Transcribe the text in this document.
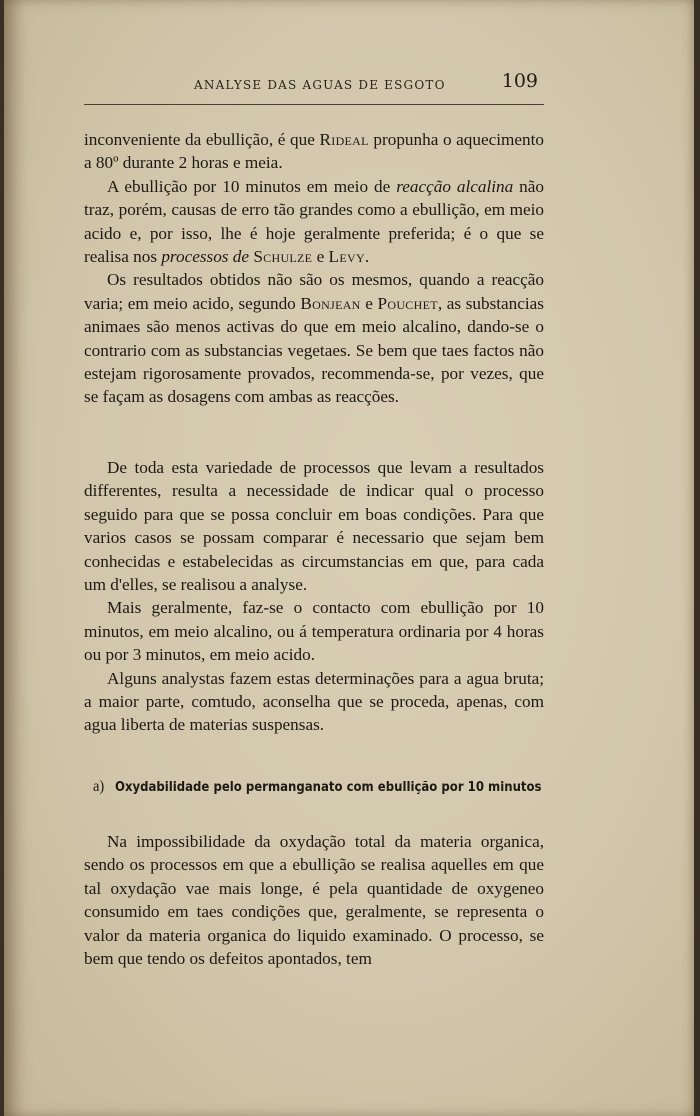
ANALYSE DAS AGUAS DE ESGOTO	109

inconveniente da ebullição, é que Rideal propunha o aquecimento a 80º durante 2 horas e meia.

A ebullição por 10 minutos em meio de reacção alcalina não traz, porém, causas de erro tão grandes como a ebullição, em meio acido e, por isso, lhe é hoje geralmente preferida; é o que se realisa nos processos de Schulze e Levy.

Os resultados obtidos não são os mesmos, quando a reacção varia; em meio acido, segundo Bonjean e Pouchet, as substancias animaes são menos activas do que em meio alcalino, dando-se o contrario com as substancias vegetaes. Se bem que taes factos não estejam rigorosamente provados, recommenda-se, por vezes, que se façam as dosagens com ambas as reacções.

De toda esta variedade de processos que levam a resultados differentes, resulta a necessidade de indicar qual o processo seguido para que se possa concluir em boas condições. Para que varios casos se possam comparar é necessario que sejam bem conhecidas e estabelecidas as circumstancias em que, para cada um d'elles, se realisou a analyse.

Mais geralmente, faz-se o contacto com ebullição por 10 minutos, em meio alcalino, ou á temperatura ordinaria por 4 horas ou por 3 minutos, em meio acido.

Alguns analystas fazem estas determinações para a agua bruta; a maior parte, comtudo, aconselha que se proceda, apenas, com agua liberta de materias suspensas.

a) Oxydabilidade pelo permanganato com ebullição por 10 minutos

Na impossibilidade da oxydação total da materia organica, sendo os processos em que a ebullição se realisa aquelles em que tal oxydação vae mais longe, é pela quantidade de oxygeneo consumido em taes condições que, geralmente, se representa o valor da materia organica do liquido examinado. O processo, se bem que tendo os defeitos apontados, tem
